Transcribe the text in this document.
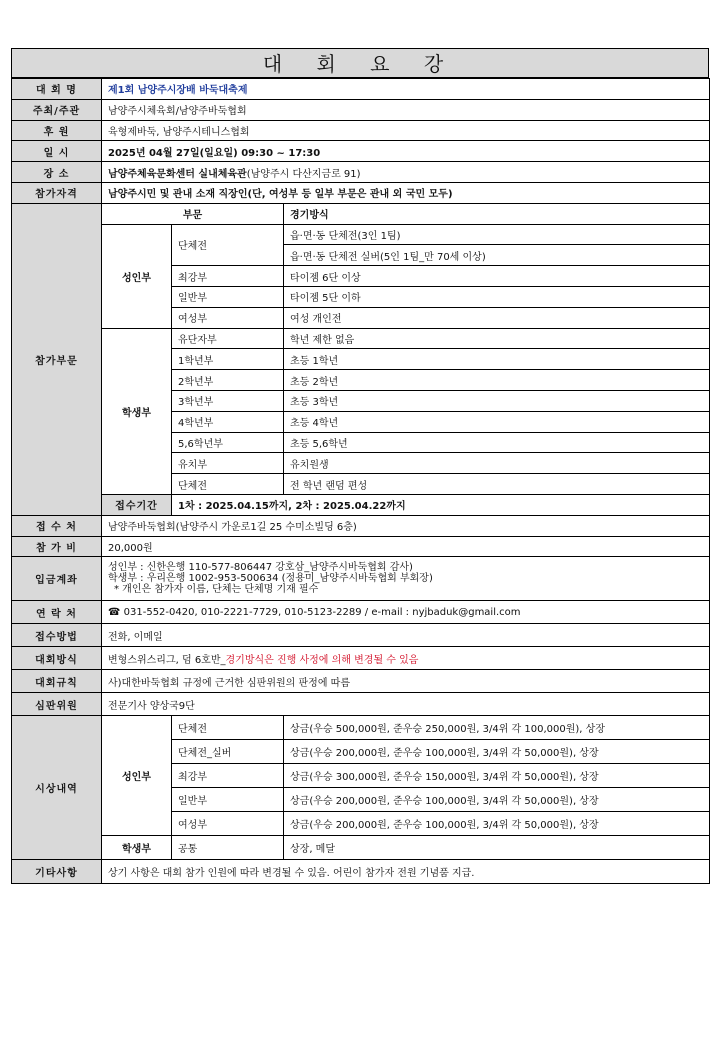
대 회 요 강
대 회 명	제1회 남양주시장배 바둑대축제		
주최/주관	남양주시체육회/남양주바둑협회		
후 원	육형제바둑, 남양주시테니스협회		
일 시	2025년 04월 27일(일요일) 09:30 ~ 17:30		
장 소	남양주체육문화센터 실내체육관(남양주시 다산지금로 91)		
참가자격	남양주시민 및 관내 소재 직장인(단, 여성부 등 일부 부문은 관내 외 국민 모두)		
참가부문	부문		경기방식
	성인부	단체전	읍·면·동 단체전(3인 1팀)
			읍·면·동 단체전 실버(5인 1팀_만 70세 이상)
		최강부	타이젬 6단 이상
		일반부	타이젬 5단 이하
		여성부	여성 개인전
	학생부	유단자부	학년 제한 없음
		1학년부	초등 1학년
		2학년부	초등 2학년
		3학년부	초등 3학년
		4학년부	초등 4학년
		5,6학년부	초등 5,6학년
		유치부	유치원생
		단체전	전 학년 랜덤 편성
	접수기간	1차 : 2025.04.15까지, 2차 : 2025.04.22까지	
접 수 처	남양주바둑협회(남양주시 가운로1길 25 수미소빌딩 6층)		
참 가 비	20,000원		
입금계좌	성인부 : 신한은행 110-577-806447 강호삼_남양주시바둑협회 감사)
학생부 : 우리은행 1002-953-500634 (정용미_남양주시바둑협회 부회장)
* 개인은 참가자 이름, 단체는 단체명 기재 필수		

연 락 처	☎ 031-552-0420, 010-2221-7729, 010-5123-2289 / e-mail : nyjbaduk@gmail.com		
접수방법	전화, 이메일		
대회방식	변형스위스리그, 덤 6호반_경기방식은 진행 사정에 의해 변경될 수 있음		
대회규칙	사)대한바둑협회 규정에 근거한 심판위원의 판정에 따름		
심판위원	전문기사 양상국9단		
시상내역	성인부	단체전	상금(우승 500,000원, 준우승 250,000원, 3/4위 각 100,000원), 상장
		단체전_실버	상금(우승 200,000원, 준우승 100,000원, 3/4위 각 50,000원), 상장
		최강부	상금(우승 300,000원, 준우승 150,000원, 3/4위 각 50,000원), 상장
		일반부	상금(우승 200,000원, 준우승 100,000원, 3/4위 각 50,000원), 상장
		여성부	상금(우승 200,000원, 준우승 100,000원, 3/4위 각 50,000원), 상장
	학생부	공통	상장, 메달
기타사항	상기 사항은 대회 참가 인원에 따라 변경될 수 있음. 어린이 참가자 전원 기념품 지급.		
